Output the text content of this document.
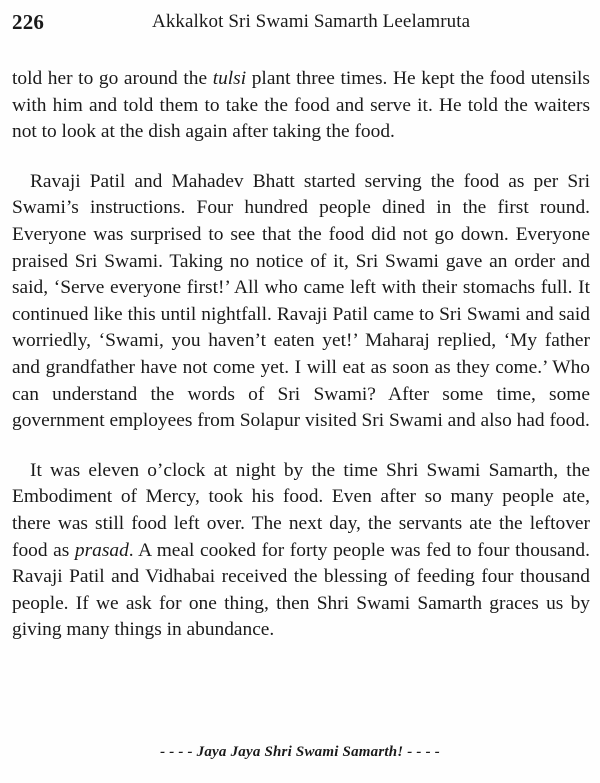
226	Akkalkot Sri Swami Samarth Leelamruta

told her to go around the tulsi plant three times. He kept the food utensils with him and told them to take the food and serve it. He told the waiters not to look at the dish again after taking the food.

Ravaji Patil and Mahadev Bhatt started serving the food as per Sri Swami’s instructions. Four hundred people dined in the first round. Everyone was surprised to see that the food did not go down. Everyone praised Sri Swami. Taking no notice of it, Sri Swami gave an order and said, ‘Serve everyone first!’ All who came left with their stomachs full. It continued like this until nightfall. Ravaji Patil came to Sri Swami and said worriedly, ‘Swami, you haven’t eaten yet!’ Maharaj replied, ‘My father and grandfather have not come yet. I will eat as soon as they come.’ Who can understand the words of Sri Swami? After some time, some government employees from Solapur visited Sri Swami and also had food.

It was eleven o’clock at night by the time Shri Swami Samarth, the Embodiment of Mercy, took his food. Even after so many people ate, there was still food left over. The next day, the servants ate the leftover food as prasad. A meal cooked for forty people was fed to four thousand. Ravaji Patil and Vidhabai received the blessing of feeding four thousand people. If we ask for one thing, then Shri Swami Samarth graces us by giving many things in abundance.

- - - - Jaya Jaya Shri Swami Samarth! - - - -
